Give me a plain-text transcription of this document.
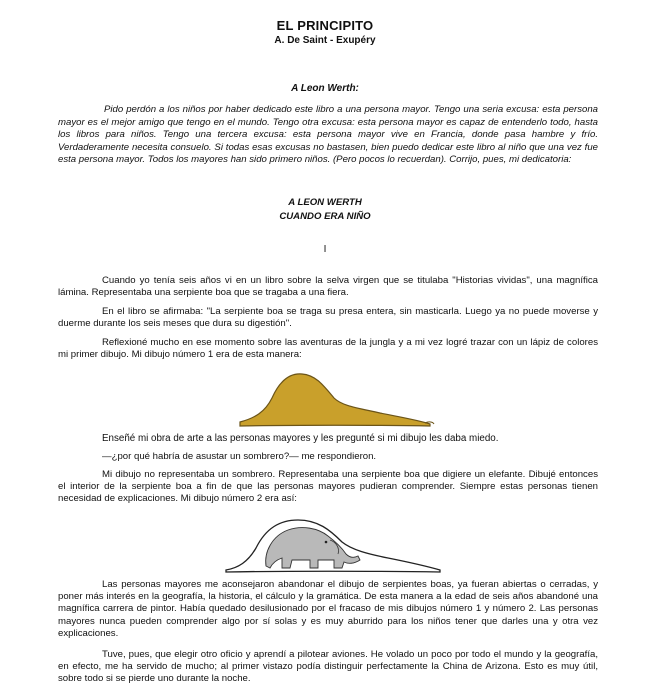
EL PRINCIPITO
A. De Saint - Exupéry
A Leon Werth:

Pido perdón a los niños por haber dedicado este libro a una persona mayor. Tengo una seria excusa: esta persona mayor es el mejor amigo que tengo en el mundo. Tengo otra excusa: esta persona mayor es capaz de entenderlo todo, hasta los libros para niños. Tengo una tercera excusa: esta persona mayor vive en Francia, donde pasa hambre y frío. Verdaderamente necesita consuelo. Si todas esas excusas no bastasen, bien puedo dedicar este libro al niño que una vez fue esta persona mayor. Todos los mayores han sido primero niños. (Pero pocos lo recuerdan). Corrijo, pues, mi dedicatoria:

A LEON WERTH
CUANDO ERA NIÑO
I

Cuando yo tenía seis años vi en un libro sobre la selva virgen que se titulaba "Historias vividas", una magnífica lámina. Representaba una serpiente boa que se tragaba a una fiera.

En el libro se afirmaba: "La serpiente boa se traga su presa entera, sin masticarla. Luego ya no puede moverse y duerme durante los seis meses que dura su digestión".

Reflexioné mucho en ese momento sobre las aventuras de la jungla y a mi vez logré trazar con un lápiz de colores mi primer dibujo. Mi dibujo número 1 era de esta manera:

Enseñé mi obra de arte a las personas mayores y les pregunté si mi dibujo les daba miedo.

—¿por qué habría de asustar un sombrero?— me respondieron.

Mi dibujo no representaba un sombrero. Representaba una serpiente boa que digiere un elefante. Dibujé entonces el interior de la serpiente boa a fin de que las personas mayores pudieran comprender. Siempre estas personas tienen necesidad de explicaciones. Mi dibujo número 2 era así:

Las personas mayores me aconsejaron abandonar el dibujo de serpientes boas, ya fueran abiertas o cerradas, y poner más interés en la geografía, la historia, el cálculo y la gramática. De esta manera a la edad de seis años abandoné una magnífica carrera de pintor. Había quedado desilusionado por el fracaso de mis dibujos número 1 y número 2. Las personas mayores nunca pueden comprender algo por sí solas y es muy aburrido para los niños tener que darles una y otra vez explicaciones.

Tuve, pues, que elegir otro oficio y aprendí a pilotear aviones. He volado un poco por todo el mundo y la geografía, en efecto, me ha servido de mucho; al primer vistazo podía distinguir perfectamente la China de Arizona. Esto es muy útil, sobre todo si se pierde uno durante la noche.
